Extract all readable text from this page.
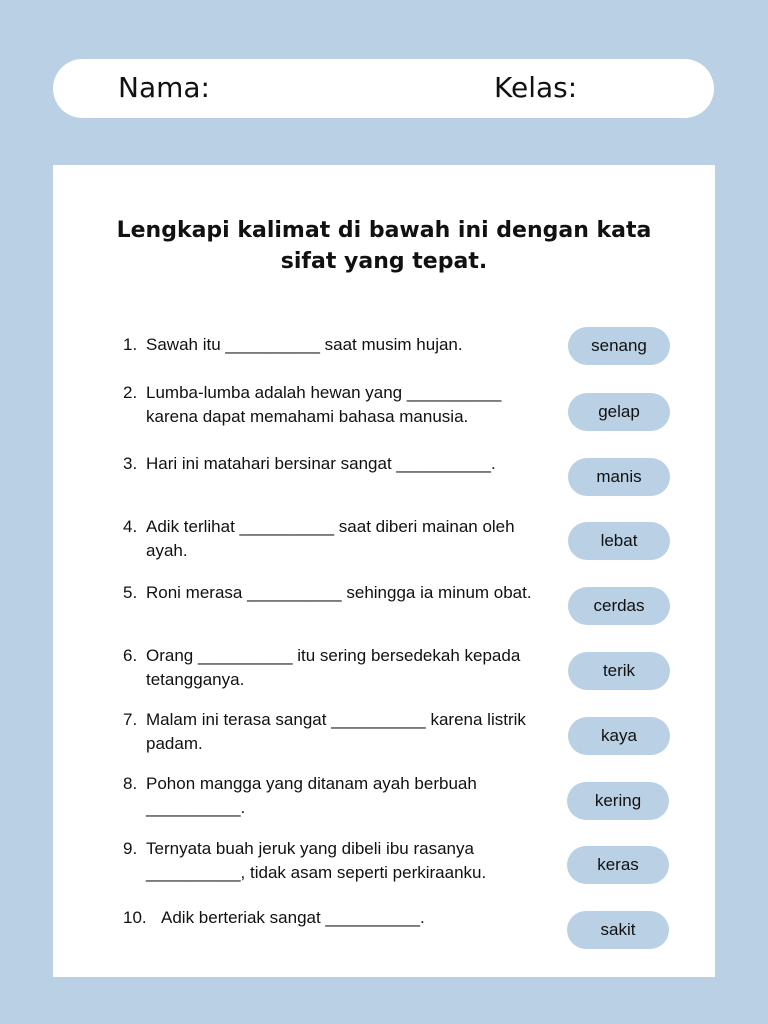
Nama:	Kelas:
Lengkapi kalimat di bawah ini dengan kata sifat yang tepat.
1. Sawah itu __________ saat musim hujan.
2. Lumba-lumba adalah hewan yang __________ karena dapat memahami bahasa manusia.
3. Hari ini matahari bersinar sangat __________.
4. Adik terlihat __________ saat diberi mainan oleh ayah.
5. Roni merasa __________ sehingga ia minum obat.
6. Orang __________ itu sering bersedekah kepada tetangganya.
7. Malam ini terasa sangat __________ karena listrik padam.
8. Pohon mangga yang ditanam ayah berbuah __________.
9. Ternyata buah jeruk yang dibeli ibu rasanya __________, tidak asam seperti perkiraanku.
10. Adik berteriak sangat __________.
senang
gelap
manis
lebat
cerdas
terik
kaya
kering
keras
sakit
